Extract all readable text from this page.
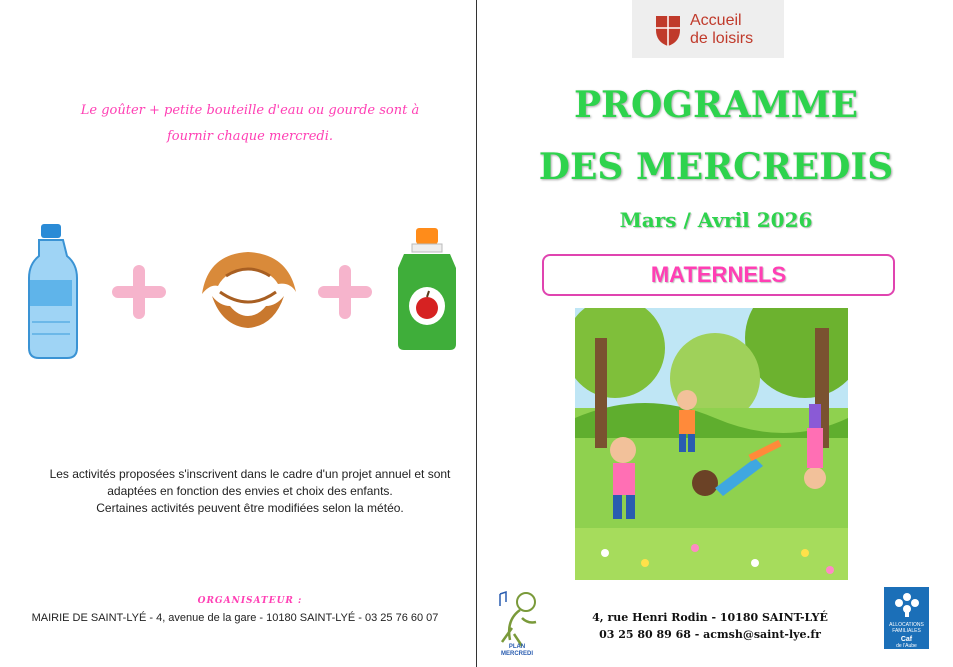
Le goûter + petite bouteille d'eau ou gourde sont à
fournir chaque mercredi.
Les activités proposées s'inscrivent dans le cadre d'un projet annuel et sont
adaptées en fonction des envies et choix des enfants.
Certaines activités peuvent être modifiées selon la météo.
ORGANISATEUR :
MAIRIE DE SAINT-LYÉ - 4, avenue de la gare - 10180 SAINT-LYÉ - 03 25 76 60 07
Accueil
de loisirs
PROGRAMME
DES MERCREDIS
Mars / Avril 2026
MATERNELS
PLAN
MERCREDI
4, rue Henri Rodin - 10180 SAINT-LYÉ
03 25 80 89 68 - acmsh@saint-lye.fr
ALLOCATIONS
FAMILIALES
Caf
de l'Aube
